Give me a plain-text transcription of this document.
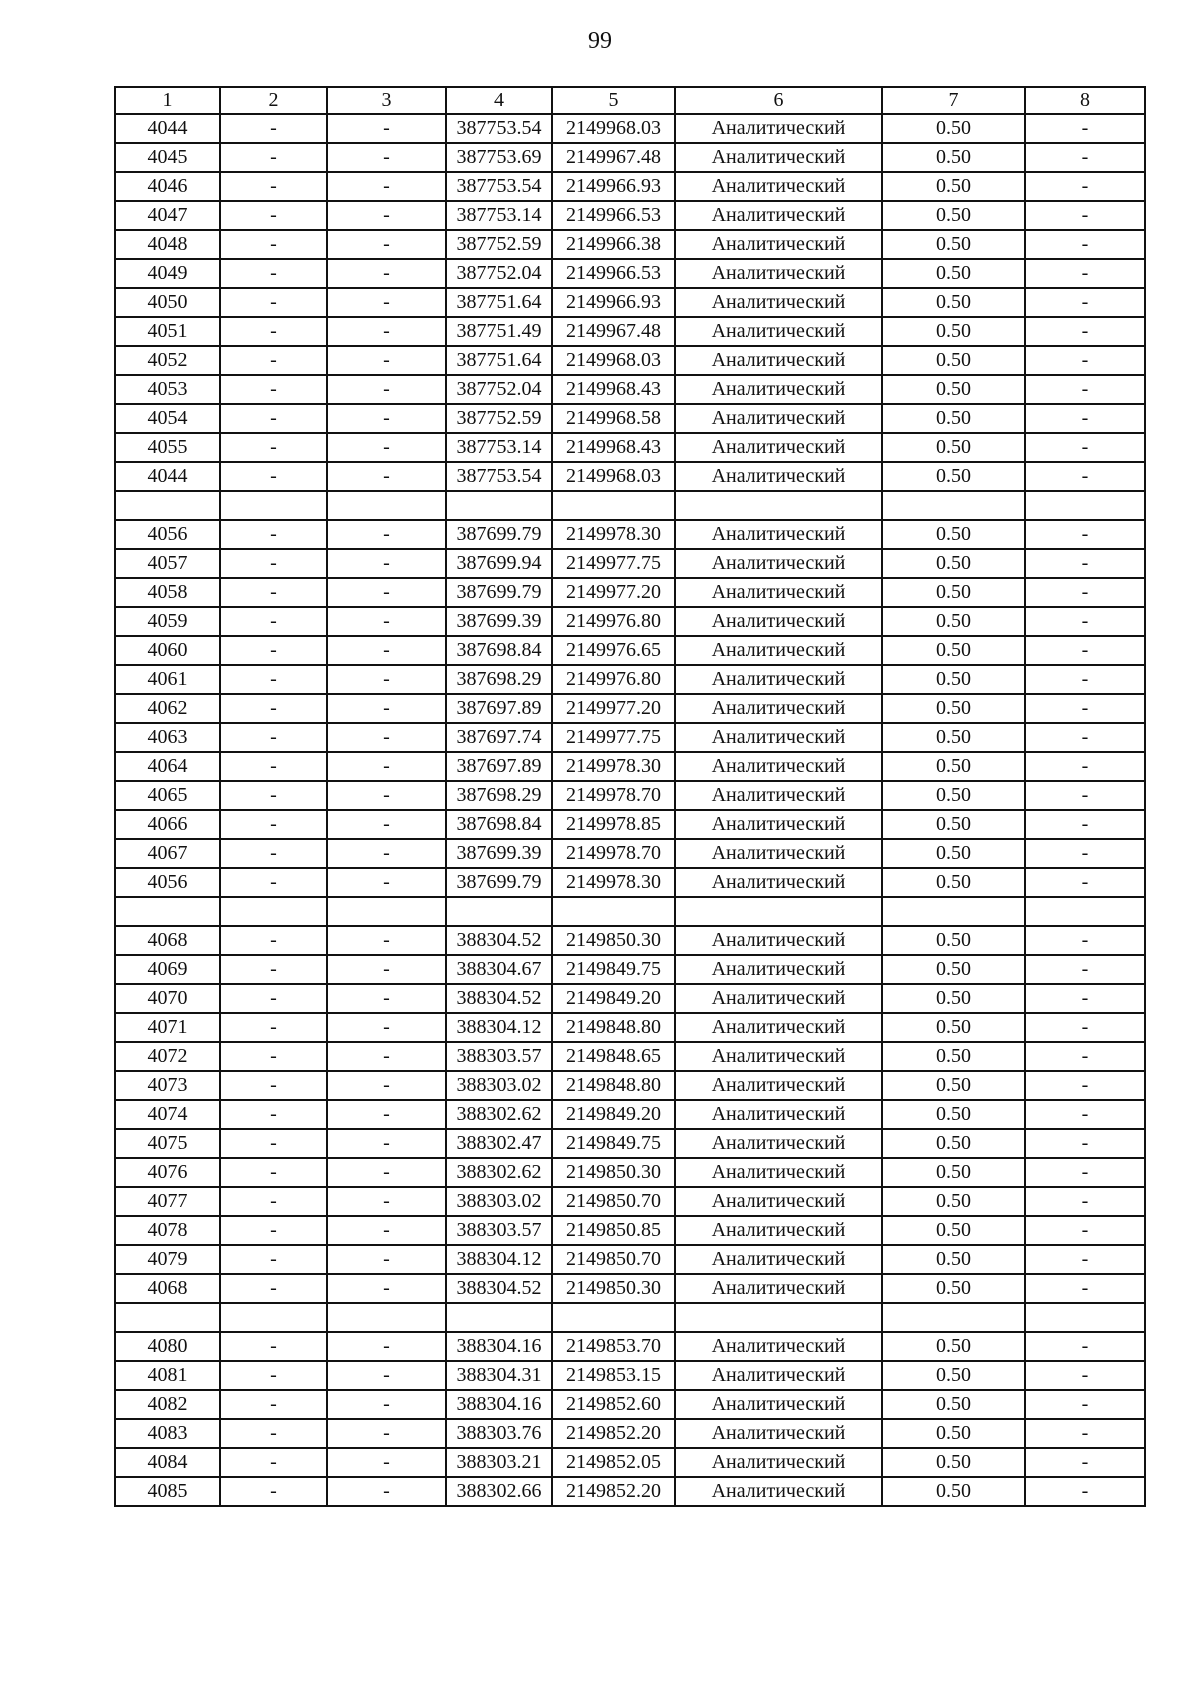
99
1	2	3	4	5	6	7	8
4044	-	-	387753.54	2149968.03	Аналитический	0.50	-
4045	-	-	387753.69	2149967.48	Аналитический	0.50	-
4046	-	-	387753.54	2149966.93	Аналитический	0.50	-
4047	-	-	387753.14	2149966.53	Аналитический	0.50	-
4048	-	-	387752.59	2149966.38	Аналитический	0.50	-
4049	-	-	387752.04	2149966.53	Аналитический	0.50	-
4050	-	-	387751.64	2149966.93	Аналитический	0.50	-
4051	-	-	387751.49	2149967.48	Аналитический	0.50	-
4052	-	-	387751.64	2149968.03	Аналитический	0.50	-
4053	-	-	387752.04	2149968.43	Аналитический	0.50	-
4054	-	-	387752.59	2149968.58	Аналитический	0.50	-
4055	-	-	387753.14	2149968.43	Аналитический	0.50	-
4044	-	-	387753.54	2149968.03	Аналитический	0.50	-

4056	-	-	387699.79	2149978.30	Аналитический	0.50	-
4057	-	-	387699.94	2149977.75	Аналитический	0.50	-
4058	-	-	387699.79	2149977.20	Аналитический	0.50	-
4059	-	-	387699.39	2149976.80	Аналитический	0.50	-
4060	-	-	387698.84	2149976.65	Аналитический	0.50	-
4061	-	-	387698.29	2149976.80	Аналитический	0.50	-
4062	-	-	387697.89	2149977.20	Аналитический	0.50	-
4063	-	-	387697.74	2149977.75	Аналитический	0.50	-
4064	-	-	387697.89	2149978.30	Аналитический	0.50	-
4065	-	-	387698.29	2149978.70	Аналитический	0.50	-
4066	-	-	387698.84	2149978.85	Аналитический	0.50	-
4067	-	-	387699.39	2149978.70	Аналитический	0.50	-
4056	-	-	387699.79	2149978.30	Аналитический	0.50	-

4068	-	-	388304.52	2149850.30	Аналитический	0.50	-
4069	-	-	388304.67	2149849.75	Аналитический	0.50	-
4070	-	-	388304.52	2149849.20	Аналитический	0.50	-
4071	-	-	388304.12	2149848.80	Аналитический	0.50	-
4072	-	-	388303.57	2149848.65	Аналитический	0.50	-
4073	-	-	388303.02	2149848.80	Аналитический	0.50	-
4074	-	-	388302.62	2149849.20	Аналитический	0.50	-
4075	-	-	388302.47	2149849.75	Аналитический	0.50	-
4076	-	-	388302.62	2149850.30	Аналитический	0.50	-
4077	-	-	388303.02	2149850.70	Аналитический	0.50	-
4078	-	-	388303.57	2149850.85	Аналитический	0.50	-
4079	-	-	388304.12	2149850.70	Аналитический	0.50	-
4068	-	-	388304.52	2149850.30	Аналитический	0.50	-

4080	-	-	388304.16	2149853.70	Аналитический	0.50	-
4081	-	-	388304.31	2149853.15	Аналитический	0.50	-
4082	-	-	388304.16	2149852.60	Аналитический	0.50	-
4083	-	-	388303.76	2149852.20	Аналитический	0.50	-
4084	-	-	388303.21	2149852.05	Аналитический	0.50	-
4085	-	-	388302.66	2149852.20	Аналитический	0.50	-
